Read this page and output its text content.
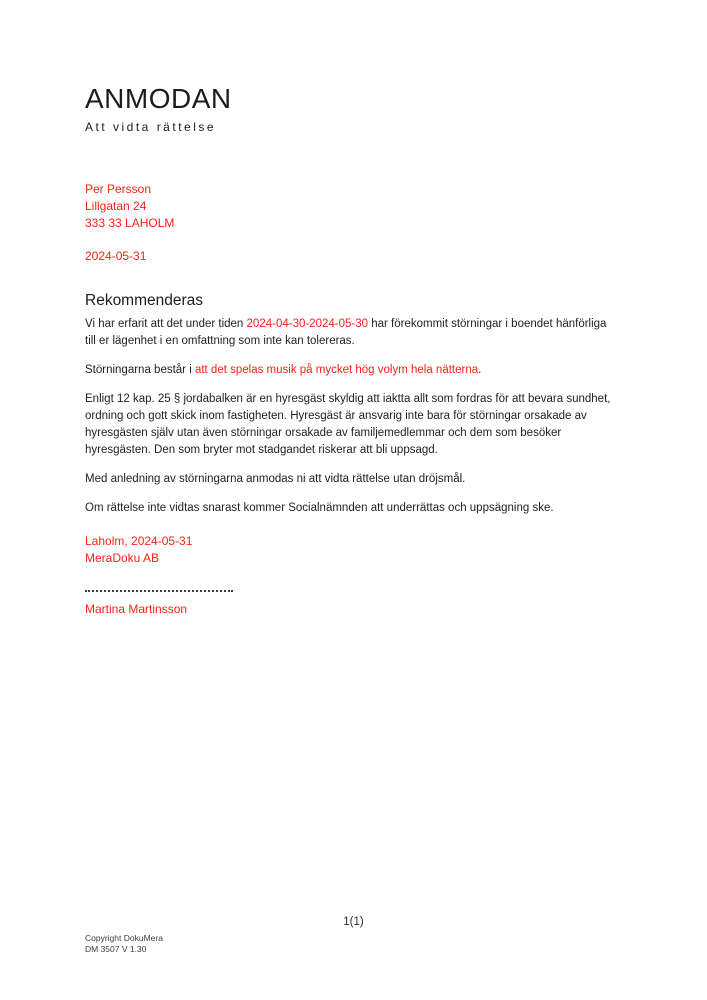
ANMODAN
Att vidta rättelse
Per Persson
Lillgatan 24
333 33 LAHOLM
2024-05-31
Rekommenderas

Vi har erfarit att det under tiden 2024-04-30-2024-05-30 har förekommit störningar i boendet hänförliga till er lägenhet i en omfattning som inte kan tolereras.

Störningarna består i att det spelas musik på mycket hög volym hela nätterna.

Enligt 12 kap. 25 § jordabalken är en hyresgäst skyldig att iaktta allt som fordras för att bevara sundhet, ordning och gott skick inom fastigheten. Hyresgäst är ansvarig inte bara för störningar orsakade av hyresgästen själv utan även störningar orsakade av familjemedlemmar och dem som besöker hyresgästen. Den som bryter mot stadgandet riskerar att bli uppsagd.

Med anledning av störningarna anmodas ni att vidta rättelse utan dröjsmål.

Om rättelse inte vidtas snarast kommer Socialnämnden att underrättas och uppsägning ske.

Laholm, 2024-05-31
MeraDoku AB
Martina Martinsson
1(1)
Copyright DokuMera
DM 3507 V 1.30
